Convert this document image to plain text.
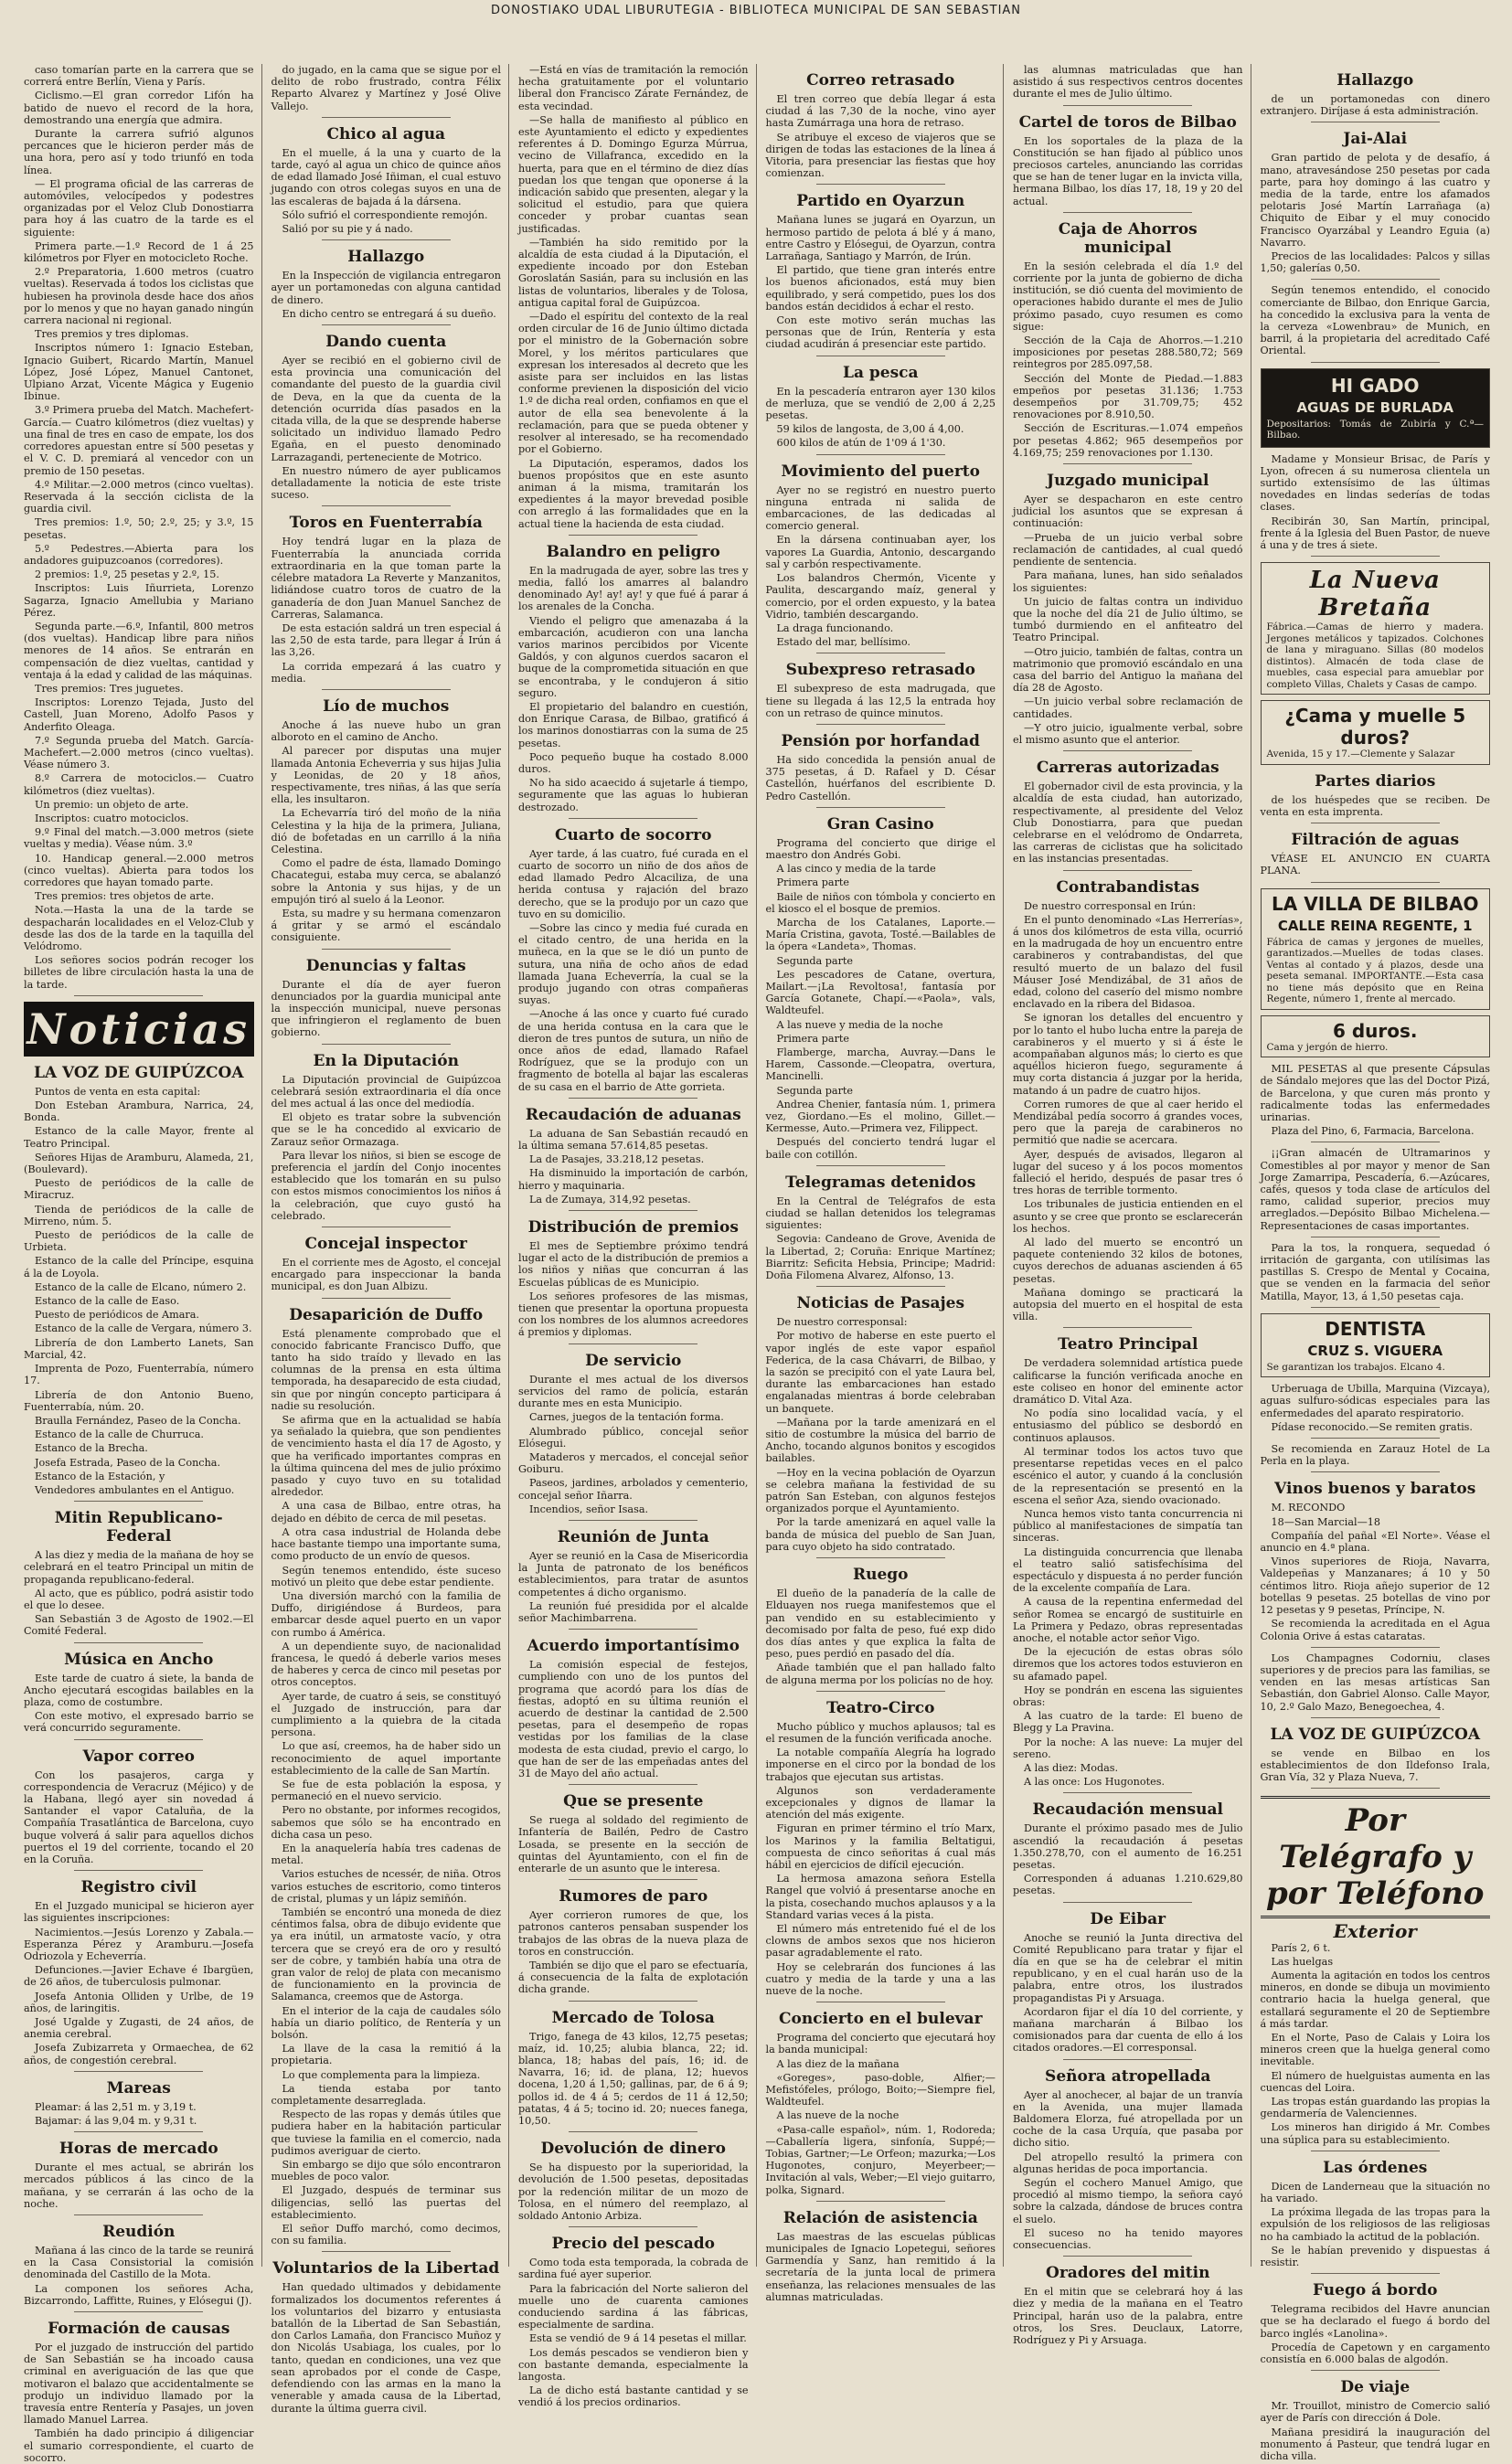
DONOSTIAKO UDAL LIBURUTEGIA - BIBLIOTECA MUNICIPAL DE SAN SEBASTIAN

caso tomarían parte en la carrera que se correrá entre Berlín, Viena y París.

Ciclismo.—El gran corredor Lifón ha batido de nuevo el record de la hora, demostrando una energía que admira.

Durante la carrera sufrió algunos percances que le hicieron perder más de una hora, pero así y todo triunfó en toda línea.

— El programa oficial de las carreras de automóviles, velocípedos y podestres organizadas por el Veloz Club Donostiarra para hoy á las cuatro de la tarde es el siguiente:

Primera parte.—1.º Record de 1 á 25 kilómetros por Flyer en motocicleto Roche.

2.º Preparatoria, 1.600 metros (cuatro vueltas). Reservada á todos los ciclistas que hubiesen ha provinola desde hace dos años por lo menos y que no hayan ganado ningún carrera nacional ni regional.

Tres premios y tres diplomas.

Inscriptos número 1: Ignacio Esteban, Ignacio Guibert, Ricardo Martín, Manuel López, José López, Manuel Cantonet, Ulpiano Arzat, Vicente Mágica y Eugenio Ibinue.

3.º Primera prueba del Match. Machefert-García.— Cuatro kilómetros (diez vueltas) y una final de tres en caso de empate, los dos corredores apuestan entre sí 500 pesetas y el V. C. D. premiará al vencedor con un premio de 150 pesetas.

4.º Militar.—2.000 metros (cinco vueltas). Reservada á la sección ciclista de la guardia civil.

Tres premios: 1.º, 50; 2.º, 25; y 3.º, 15 pesetas.

5.º Pedestres.—Abierta para los andadores guipuzcoanos (corredores).

2 premios: 1.º, 25 pesetas y 2.º, 15.

Inscriptos: Luis Iñurrieta, Lorenzo Sagarza, Ignacio Amellubia y Mariano Pérez.

Segunda parte.—6.º, Infantil, 800 metros (dos vueltas). Handicap libre para niños menores de 14 años. Se entrarán en compensación de diez vueltas, cantidad y ventaja á la edad y calidad de las máquinas.

Tres premios: Tres juguetes.

Inscriptos: Lorenzo Tejada, Justo del Castell, Juan Moreno, Adolfo Pasos y Anderfito Oleaga.

7.º Segunda prueba del Match. García-Machefert.—2.000 metros (cinco vueltas). Véase número 3.

8.º Carrera de motociclos.— Cuatro kilómetros (diez vueltas).

Un premio: un objeto de arte.

Inscriptos: cuatro motociclos.

9.º Final del match.—3.000 metros (siete vueltas y media). Véase núm. 3.º

10. Handicap general.—2.000 metros (cinco vueltas). Abierta para todos los corredores que hayan tomado parte.

Tres premios: tres objetos de arte.

Nota.—Hasta la una de la tarde se despacharán localidades en el Veloz-Club y desde las dos de la tarde en la taquilla del Velódromo.

Los señores socios podrán recoger los billetes de libre circulación hasta la una de la tarde.

Noticias
LA VOZ DE GUIPÚZCOA

Puntos de venta en esta capital:

Don Esteban Arambura, Narrica, 24, Bonda.

Estanco de la calle Mayor, frente al Teatro Principal.

Señores Hijas de Aramburu, Alameda, 21, (Boulevard).

Puesto de periódicos de la calle de Miracruz.

Tienda de periódicos de la calle de Mirreno, núm. 5.

Puesto de periódicos de la calle de Urbieta.

Estanco de la calle del Príncipe, esquina á la de Loyola.

Estanco de la calle de Elcano, número 2.

Estanco de la calle de Easo.

Puesto de periódicos de Amara.

Estanco de la calle de Vergara, número 3.

Librería de don Lamberto Lanets, San Marcial, 42.

Imprenta de Pozo, Fuenterrabía, número 17.

Librería de don Antonio Bueno, Fuenterrabía, núm. 20.

Braulla Fernández, Paseo de la Concha.

Estanco de la calle de Churruca.

Estanco de la Brecha.

Josefa Estrada, Paseo de la Concha.

Estanco de la Estación, y

Vendedores ambulantes en el Antiguo.

Mitin Republicano-Federal

A las diez y media de la mañana de hoy se celebrará en el teatro Principal un mitin de propaganda republicano-federal.

Al acto, que es público, podrá asistir todo el que lo desee.

San Sebastián 3 de Agosto de 1902.—El Comité Federal.

Música en Ancho

Este tarde de cuatro á siete, la banda de Ancho ejecutará escogidas bailables en la plaza, como de costumbre.

Con este motivo, el expresado barrio se verá concurrido seguramente.

Vapor correo

Con los pasajeros, carga y correspondencia de Veracruz (Méjico) y de la Habana, llegó ayer sin novedad á Santander el vapor Cataluña, de la Compañía Trasatlántica de Barcelona, cuyo buque volverá á salir para aquellos dichos puertos el 19 del corriente, tocando el 20 en la Coruña.

Registro civil

En el Juzgado municipal se hicieron ayer las siguientes inscripciones:

Nacimientos.—Jesús Lorenzo y Zabala.—Esperanza Pérez y Aramburu.—Josefa Odriozola y Echeverría.

Defunciones.—Javier Echave é Ibargüen, de 26 años, de tuberculosis pulmonar.

Josefa Antonia Olliden y Urlbe, de 19 años, de laringitis.

José Ugalde y Zugasti, de 24 años, de anemia cerebral.

Josefa Zubizarreta y Ormaechea, de 62 años, de congestión cerebral.

Mareas

Pleamar: á las 2,51 m. y 3,19 t.

Bajamar: á las 9,04 m. y 9,31 t.

Horas de mercado

Durante el mes actual, se abrirán los mercados públicos á las cinco de la mañana, y se cerrarán á las ocho de la noche.

Reudión

Mañana á las cinco de la tarde se reunirá en la Casa Consistorial la comisión denominada del Castillo de la Mota.

La componen los señores Acha, Bizcarrondo, Laffitte, Ruines, y Elósegui (J).

Formación de causas

Por el juzgado de instrucción del partido de San Sebastián se ha incoado causa criminal en averiguación de las que que motivaron el balazo que accidentalmente se produjo un individuo llamado por la travesía entre Rentería y Pasajes, un joven llamado Manuel Larrea.

También ha dado principio á diligenciar el sumario correspondiente, el cuarto de socorro.

do jugado, en la cama que se sigue por el delito de robo frustrado, contra Félix Reparto Alvarez y Martínez y José Olive Vallejo.

Chico al agua

En el muelle, á la una y cuarto de la tarde, cayó al agua un chico de quince años de edad llamado José Iñiman, el cual estuvo jugando con otros colegas suyos en una de las escaleras de bajada á la dársena.

Sólo sufrió el correspondiente remojón.

Salió por su pie y á nado.

Hallazgo

En la Inspección de vigilancia entregaron ayer un portamonedas con alguna cantidad de dinero.

En dicho centro se entregará á su dueño.

Dando cuenta

Ayer se recibió en el gobierno civil de esta provincia una comunicación del comandante del puesto de la guardia civil de Deva, en la que da cuenta de la detención ocurrida días pasados en la citada villa, de la que se desprende haberse solicitado un individuo llamado Pedro Egaña, en el puesto denominado Larrazagandi, perteneciente de Motrico.

En nuestro número de ayer publicamos detalladamente la noticia de este triste suceso.

Toros en Fuenterrabía

Hoy tendrá lugar en la plaza de Fuenterrabía la anunciada corrida extraordinaria en la que toman parte la célebre matadora La Reverte y Manzanitos, lidiándose cuatro toros de cuatro de la ganadería de don Juan Manuel Sanchez de Carreras, Salamanca.

De esta estación saldrá un tren especial á las 2,50 de esta tarde, para llegar á Irún á las 3,26.

La corrida empezará á las cuatro y media.

Lío de muchos

Anoche á las nueve hubo un gran alboroto en el camino de Ancho.

Al parecer por disputas una mujer llamada Antonia Echeverria y sus hijas Julia y Leonidas, de 20 y 18 años, respectivamente, tres niñas, á las que sería ella, les insultaron.

La Echevarría tiró del moño de la niña Celestina y la hija de la primera, Juliana, dió de bofetadas en un carrillo á la niña Celestina.

Como el padre de ésta, llamado Domingo Chacategui, estaba muy cerca, se abalanzó sobre la Antonia y sus hijas, y de un empujón tiró al suelo á la Leonor.

Esta, su madre y su hermana comenzaron á gritar y se armó el escándalo consiguiente.

Denuncias y faltas

Durante el día de ayer fueron denunciados por la guardia municipal ante la inspección municipal, nueve personas que infringieron el reglamento de buen gobierno.

En la Diputación

La Diputación provincial de Guipúzcoa celebrará sesión extraordinaria el día once del mes actual á las once del mediodía.

El objeto es tratar sobre la subvención que se le ha concedido al exvicario de Zarauz señor Ormazaga.

Para llevar los niños, si bien se escoge de preferencia el jardín del Conjo inocentes establecido que los tomarán en su pulso con estos mismos conocimientos los niños á la celebración, que cuyo gustó ha celebrado.

Concejal inspector

En el corriente mes de Agosto, el concejal encargado para inspeccionar la banda municipal, es don Juan Albizu.

Desaparición de Duffo

Está plenamente comprobado que el conocido fabricante Francisco Duffo, que tanto ha sido traído y llevado en las columnas de la prensa en esta última temporada, ha desaparecido de esta ciudad, sin que por ningún concepto participara á nadie su resolución.

Se afirma que en la actualidad se había ya señalado la quiebra, que son pendientes de vencimiento hasta el día 17 de Agosto, y que ha verificado importantes compras en la última quincena del mes de julio próximo pasado y cuyo tuvo en su totalidad alrededor.

A una casa de Bilbao, entre otras, ha dejado en débito de cerca de mil pesetas.

A otra casa industrial de Holanda debe hace bastante tiempo una importante suma, como producto de un envío de quesos.

Según tenemos entendido, éste suceso motivó un pleito que debe estar pendiente.

Una diversión marchó con la familia de Duffo, dirigiéndose á Burdeos, para embarcar desde aquel puerto en un vapor con rumbo á América.

A un dependiente suyo, de nacionalidad francesa, le quedó á deberle varios meses de haberes y cerca de cinco mil pesetas por otros conceptos.

Ayer tarde, de cuatro á seis, se constituyó el Juzgado de instrucción, para dar cumplimiento a la quiebra de la citada persona.

Lo que así, creemos, ha de haber sido un reconocimiento de aquel importante establecimiento de la calle de San Martín.

Se fue de esta población la esposa, y permaneció en el nuevo servicio.

Pero no obstante, por informes recogidos, sabemos que sólo se ha encontrado en dicha casa un peso.

En la anaquelería había tres cadenas de metal.

Varios estuches de ncessér, de niña. Otros varios estuches de escritorio, como tinteros de cristal, plumas y un lápiz semiñón.

También se encontró una moneda de diez céntimos falsa, obra de dibujo evidente que ya era inútil, un armatoste vacío, y otra tercera que se creyó era de oro y resultó ser de cobre, y también había una otra de gran valor de reloj de plata con mecanismo de funcionamiento en la provincia de Salamanca, creemos que de Astorga.

En el interior de la caja de caudales sólo había un diario político, de Rentería y un bolsón.

La llave de la casa la remitió á la propietaria.

Lo que complementa para la limpieza.

La tienda estaba por tanto completamente desarreglada.

Respecto de las ropas y demás útiles que pudiera haber en la habitación particular que tuviese la familia en el comercio, nada pudimos averiguar de cierto.

Sin embargo se dijo que sólo encontraron muebles de poco valor.

El Juzgado, después de terminar sus diligencias, selló las puertas del establecimiento.

El señor Duffo marchó, como decimos, con su familia.

Voluntarios de la Libertad

Han quedado ultimados y debidamente formalizados los documentos referentes á los voluntarios del bizarro y entusiasta batallón de la Libertad de San Sebastián, don Carlos Lamaña, don Francisco Muñoz y don Nicolás Usabiaga, los cuales, por lo tanto, quedan en condiciones, una vez que sean aprobados por el conde de Caspe, defendiendo con las armas en la mano la venerable y amada causa de la Libertad, durante la última guerra civil.

—Está en vías de tramitación la remoción hecha gratuitamente por el voluntario liberal don Francisco Zárate Fernández, de esta vecindad.

—Se halla de manifiesto al público en este Ayuntamiento el edicto y expedientes referentes á D. Domingo Egurza Múrrua, vecino de Villafranca, excedido en la huerta, para que en el término de diez días puedan los que tengan que oponerse á la indicación sabido que presenten, alegar y la solicitud el estudio, para que quiera conceder y probar cuantas sean justificadas.

—También ha sido remitido por la alcaldía de esta ciudad á la Diputación, el expediente incoado por don Esteban Goroslatán Sasián, para su inclusión en las listas de voluntarios, liberales y de Tolosa, antigua capital foral de Guipúzcoa.

—Dado el espíritu del contexto de la real orden circular de 16 de Junio último dictada por el ministro de la Gobernación sobre Morel, y los méritos particulares que expresan los interesados al decreto que les asiste para ser incluidos en las listas conforme previenen la disposición del vicio 1.º de dicha real orden, confiamos en que el autor de ella sea benevolente á la reclamación, para que se pueda obtener y resolver al interesado, se ha recomendado por el Gobierno.

La Diputación, esperamos, dados los buenos propósitos que en este asunto animan á la misma, tramitarán los expedientes á la mayor brevedad posible con arreglo á las formalidades que en la actual tiene la hacienda de esta ciudad.

Balandro en peligro

En la madrugada de ayer, sobre las tres y media, falló los amarres al balandro denominado Ay! ay! ay! y que fué á parar á los arenales de la Concha.

Viendo el peligro que amenazaba á la embarcación, acudieron con una lancha varios marinos percibidos por Vicente Galdós, y con algunos cuerdos sacaron el buque de la comprometida situación en que se encontraba, y le condujeron á sitio seguro.

El propietario del balandro en cuestión, don Enrique Carasa, de Bilbao, gratificó á los marinos donostiarras con la suma de 25 pesetas.

Poco pequeño buque ha costado 8.000 duros.

No ha sido acaecido á sujetarle á tiempo, seguramente que las aguas lo hubieran destrozado.

Cuarto de socorro

Ayer tarde, á las cuatro, fué curada en el cuarto de socorro un niño de dos años de edad llamado Pedro Alcaciliza, de una herida contusa y rajación del brazo derecho, que se la produjo por un cazo que tuvo en su domicilio.

—Sobre las cinco y media fué curada en el citado centro, de una herida en la muñeca, en la que se le dió un punto de sutura, una niña de ocho años de edad llamada Juana Echeverría, la cual se la produjo jugando con otras compañeras suyas.

—Anoche á las once y cuarto fué curado de una herida contusa en la cara que le dieron de tres puntos de sutura, un niño de once años de edad, llamado Rafael Rodríguez, que se la produjo con un fragmento de botella al bajar las escaleras de su casa en el barrio de Atte gorrieta.

Recaudación de aduanas

La aduana de San Sebastián recaudó en la última semana 57.614,85 pesetas.

La de Pasajes, 33.218,12 pesetas.

Ha disminuido la importación de carbón, hierro y maquinaria.

La de Zumaya, 314,92 pesetas.

Distribución de premios

El mes de Septiembre próximo tendrá lugar el acto de la distribución de premios a los niños y niñas que concurran á las Escuelas públicas de es Municipio.

Los señores profesores de las mismas, tienen que presentar la oportuna propuesta con los nombres de los alumnos acreedores á premios y diplomas.

De servicio

Durante el mes actual de los diversos servicios del ramo de policía, estarán durante mes en esta Municipio.

Carnes, juegos de la tentación forma.

Alumbrado público, concejal señor Elósegui.

Mataderos y mercados, el concejal señor Goiburu.

Paseos, jardines, arbolados y cementerio, concejal señor Iñarra.

Incendios, señor Isasa.

Reunión de Junta

Ayer se reunió en la Casa de Misericordia la Junta de patronato de los benéficos establecimientos, para tratar de asuntos competentes á dicho organismo.

La reunión fué presidida por el alcalde señor Machimbarrena.

Acuerdo importantísimo

La comisión especial de festejos, cumpliendo con uno de los puntos del programa que acordó para los días de fiestas, adoptó en su última reunión el acuerdo de destinar la cantidad de 2.500 pesetas, para el desempeño de ropas vestidas por los familias de la clase modesta de esta ciudad, previo el cargo, lo que han de ser de las empeñadas antes del 31 de Mayo del año actual.

Que se presente

Se ruega al soldado del regimiento de Infantería de Bailén, Pedro de Castro Losada, se presente en la sección de quintas del Ayuntamiento, con el fin de enterarle de un asunto que le interesa.

Rumores de paro

Ayer corrieron rumores de que, los patronos canteros pensaban suspender los trabajos de las obras de la nueva plaza de toros en construcción.

También se dijo que el paro se efectuaría, á consecuencia de la falta de explotación dicha grande.

Mercado de Tolosa

Trigo, fanega de 43 kilos, 12,75 pesetas; maíz, id. 10,25; alubia blanca, 22; id. blanca, 18; habas del país, 16; id. de Navarra, 16; id. de plana, 12; huevos docena, 1,20 á 1,50; gallinas, par, de 6 á 9; pollos id. de 4 á 5; cerdos de 11 á 12,50; patatas, 4 á 5; tocino id. 20; nueces fanega, 10,50.

Devolución de dinero

Se ha dispuesto por la superioridad, la devolución de 1.500 pesetas, depositadas por la redención militar de un mozo de Tolosa, en el número del reemplazo, al soldado Antonio Arbiza.

Precio del pescado

Como toda esta temporada, la cobrada de sardina fué ayer superior.

Para la fabricación del Norte salieron del muelle uno de cuarenta camiones conduciendo sardina á las fábricas, especialmente de sardina.

Esta se vendió de 9 á 14 pesetas el millar.

Los demás pescados se vendieron bien y con bastante demanda, especialmente la langosta.

La de dicho está bastante cantidad y se vendió á los precios ordinarios.

Correo retrasado

El tren correo que debía llegar á esta ciudad á las 7,30 de la noche, vino ayer hasta Zumárraga una hora de retraso.

Se atribuye el exceso de viajeros que se dirigen de todas las estaciones de la línea á Vitoria, para presenciar las fiestas que hoy comienzan.

Partido en Oyarzun

Mañana lunes se jugará en Oyarzun, un hermoso partido de pelota á blé y á mano, entre Castro y Elósegui, de Oyarzun, contra Larrañaga, Santiago y Marrón, de Irún.

El partido, que tiene gran interés entre los buenos aficionados, está muy bien equilibrado, y será competido, pues los dos bandos están decididos á echar el resto.

Con este motivo serán muchas las personas que de Irún, Rentería y esta ciudad acudirán á presenciar este partido.

La pesca

En la pescadería entraron ayer 130 kilos de merluza, que se vendió de 2,00 á 2,25 pesetas.

59 kilos de langosta, de 3,00 á 4,00.

600 kilos de atún de 1'09 á 1'30.

Movimiento del puerto

Ayer no se registró en nuestro puerto ninguna entrada ni salida de embarcaciones, de las dedicadas al comercio general.

En la dársena continuaban ayer, los vapores La Guardia, Antonio, descargando sal y carbón respectivamente.

Los balandros Chermón, Vicente y Paulita, descargando maíz, general y comercio, por el orden expuesto, y la batea Vidrio, también descargando.

La draga funcionando.

Estado del mar, bellísimo.

Subexpreso retrasado

El subexpreso de esta madrugada, que tiene su llegada á las 12,5 la entrada hoy con un retraso de quince minutos.

Pensión por horfandad

Ha sido concedida la pensión anual de 375 pesetas, á D. Rafael y D. César Castellón, huérfanos del escribiente D. Pedro Castellón.

Gran Casino

Programa del concierto que dirige el maestro don Andrés Gobi.

A las cinco y media de la tarde

Primera parte

Baile de niños con tómbola y concierto en el kiosco el el bosque de premios.

Marcha de los Catalanes, Laporte.—María Cristina, gavota, Tosté.—Bailables de la ópera «Landeta», Thomas.

Segunda parte

Les pescadores de Catane, overtura, Mailart.—¡La Revoltosa!, fantasía por García Gotanete, Chapí.—«Paola», vals, Waldteufel.

A las nueve y media de la noche

Primera parte

Flamberge, marcha, Auvray.—Dans le Harem, Cassonde.—Cleopatra, overtura, Mancinelli.

Segunda parte

Andrea Chenier, fantasía núm. 1, primera vez, Giordano.—Es el molino, Gillet.—Kermesse, Auto.—Primera vez, Filippect.

Después del concierto tendrá lugar el baile con cotillón.

Telegramas detenidos

En la Central de Telégrafos de esta ciudad se hallan detenidos los telegramas siguientes:

Segovia: Candeano de Grove, Avenida de la Libertad, 2; Coruña: Enrique Martínez; Biarritz: Seficita Hebsia, Principe; Madrid: Doña Filomena Alvarez, Alfonso, 13.

Noticias de Pasajes

De nuestro corresponsal:

Por motivo de haberse en este puerto el vapor inglés de este vapor español Federica, de la casa Chávarri, de Bilbao, y la sazón se precipitó con el yate Laura bel, durante las embarcaciones han estado engalanadas mientras á borde celebraban un banquete.

—Mañana por la tarde amenizará en el sitio de costumbre la música del barrio de Ancho, tocando algunos bonitos y escogidos bailables.

—Hoy en la vecina población de Oyarzun se celebra mañana la festividad de su patrón San Esteban, con algunos festejos organizados porque el Ayuntamiento.

Por la tarde amenizará en aquel valle la banda de música del pueblo de San Juan, para cuyo objeto ha sido contratado.

Ruego

El dueño de la panadería de la calle de Elduayen nos ruega manifestemos que el pan vendido en su establecimiento y decomisado por falta de peso, fué exp dido dos días antes y que explica la falta de peso, pues perdió en pasado del día.

Añade también que el pan hallado falto de alguna merma por los policías no de hoy.

Teatro-Circo

Mucho público y muchos aplausos; tal es el resumen de la función verificada anoche.

La notable compañía Alegría ha logrado imponerse en el circo por la bondad de los trabajos que ejecutan sus artistas.

Algunos son verdaderamente excepcionales y dignos de llamar la atención del más exigente.

Figuran en primer término el trío Marx, los Marinos y la familia Beltatigui, compuesta de cinco señoritas á cual más hábil en ejercicios de difícil ejecución.

La hermosa amazona señora Estella Rangel que volvió á presentarse anoche en la pista, cosechando muchos aplausos y a la Standard varias veces á la pista.

El número más entretenido fué el de los clowns de ambos sexos que nos hicieron pasar agradablemente el rato.

Hoy se celebrarán dos funciones á las cuatro y media de la tarde y una a las nueve de la noche.

Concierto en el bulevar

Programa del concierto que ejecutará hoy la banda municipal:

A las diez de la mañana

«Goreges», paso-doble, Alfier;—Mefistófeles, prólogo, Boito;—Siempre fiel, Waldteufel.

A las nueve de la noche

«Pasa-calle español», núm. 1, Rodoreda;—Caballería ligera, sinfonía, Suppé;—Tobias, Gartner;—Le Orfeon; mazurka;—Los Hugonotes, conjuro, Meyerbeer;—Invitación al vals, Weber;—El viejo guitarro, polka, Signard.

Relación de asistencia

Las maestras de las escuelas públicas municipales de Ignacio Lopetegui, señores Garmendía y Sanz, han remitido á la secretaría de la junta local de primera enseñanza, las relaciones mensuales de las alumnas matriculadas.

las alumnas matriculadas que han asistido á sus respectivos centros docentes durante el mes de Julio último.

Cartel de toros de Bilbao

En los soportales de la plaza de la Constitución se han fijado al público unos preciosos carteles, anunciando las corridas que se han de tener lugar en la invicta villa, hermana Bilbao, los días 17, 18, 19 y 20 del actual.

Caja de Ahorros municipal

En la sesión celebrada el día 1.º del corriente por la junta de gobierno de dicha institución, se dió cuenta del movimiento de operaciones habido durante el mes de Julio próximo pasado, cuyo resumen es como sigue:

Sección de la Caja de Ahorros.—1.210 imposiciones por pesetas 288.580,72; 569 reintegros por 285.097,58.

Sección del Monte de Piedad.—1.883 empeños por pesetas 31.136; 1.753 desempeños por 31.709,75; 452 renovaciones por 8.910,50.

Sección de Escrituras.—1.074 empeños por pesetas 4.862; 965 desempeños por 4.169,75; 259 renovaciones por 1.130.

Juzgado municipal

Ayer se despacharon en este centro judicial los asuntos que se expresan á continuación:

—Prueba de un juicio verbal sobre reclamación de cantidades, al cual quedó pendiente de sentencia.

Para mañana, lunes, han sido señalados los siguientes:

Un juicio de faltas contra un individuo que la noche del día 21 de Julio último, se tumbó durmiendo en el anfiteatro del Teatro Principal.

—Otro juicio, también de faltas, contra un matrimonio que promovió escándalo en una casa del barrio del Antiguo la mañana del día 28 de Agosto.

—Un juicio verbal sobre reclamación de cantidades.

—Y otro juicio, igualmente verbal, sobre el mismo asunto que el anterior.

Carreras autorizadas

El gobernador civil de esta provincia, y la alcaldía de esta ciudad, han autorizado, respectivamente, al presidente del Veloz Club Donostiarra, para que puedan celebrarse en el velódromo de Ondarreta, las carreras de ciclistas que ha solicitado en las instancias presentadas.

Contrabandistas

De nuestro corresponsal en Irún:

En el punto denominado «Las Herrerías», á unos dos kilómetros de esta villa, ocurrió en la madrugada de hoy un encuentro entre carabineros y contrabandistas, del que resultó muerto de un balazo del fusil Máuser José Mendizábal, de 31 años de edad, colono del caserío del mismo nombre enclavado en la ribera del Bidasoa.

Se ignoran los detalles del encuentro y por lo tanto el hubo lucha entre la pareja de carabineros y el muerto y si á éste le acompañaban algunos más; lo cierto es que aquéllos hicieron fuego, seguramente á muy corta distancia á juzgar por la herida, matando á un padre de cuatro hijos.

Corren rumores de que al caer herido el Mendizábal pedía socorro á grandes voces, pero que la pareja de carabineros no permitió que nadie se acercara.

Ayer, después de avisados, llegaron al lugar del suceso y á los pocos momentos falleció el herido, después de pasar tres ó tres horas de terrible tormento.

Los tribunales de justicia entienden en el asunto y se cree que pronto se esclarecerán los hechos.

Al lado del muerto se encontró un paquete conteniendo 32 kilos de botones, cuyos derechos de aduanas ascienden á 65 pesetas.

Mañana domingo se practicará la autopsia del muerto en el hospital de esta villa.

Teatro Principal

De verdadera solemnidad artística puede calificarse la función verificada anoche en este coliseo en honor del eminente actor dramático D. Vital Aza.

No podía sino localidad vacía, y el entusiasmo del público se desbordó en continuos aplausos.

Al terminar todos los actos tuvo que presentarse repetidas veces en el palco escénico el autor, y cuando á la conclusión de la representación se presentó en la escena el señor Aza, siendo ovacionado.

Nunca hemos visto tanta concurrencia ni público al manifestaciones de simpatía tan sinceras.

La distinguida concurrencia que llenaba el teatro salió satisfechísima del espectáculo y dispuesta á no perder función de la excelente compañía de Lara.

A causa de la repentina enfermedad del señor Romea se encargó de sustituirle en La Primera y Pedazo, obras representadas anoche, el notable actor señor Vigo.

De la ejecución de estas obras sólo diremos que los actores todos estuvieron en su afamado papel.

Hoy se pondrán en escena las siguientes obras:

A las cuatro de la tarde: El bueno de Blegg y La Pravina.

Por la noche: A las nueve: La mujer del sereno.

A las diez: Modas.

A las once: Los Hugonotes.

Recaudación mensual

Durante el próximo pasado mes de Julio ascendió la recaudación á pesetas 1.350.278,70, con el aumento de 16.251 pesetas.

Corresponden á aduanas 1.210.629,80 pesetas.

De Eibar

Anoche se reunió la Junta directiva del Comité Republicano para tratar y fijar el día en que se ha de celebrar el mitin republicano, y en el cual harán uso de la palabra, entre otros, los ilustrados propagandistas Pi y Arsuaga.

Acordaron fijar el día 10 del corriente, y mañana marcharán á Bilbao los comisionados para dar cuenta de ello á los citados oradores.—El corresponsal.

Señora atropellada

Ayer al anochecer, al bajar de un tranvía en la Avenida, una mujer llamada Baldomera Elorza, fué atropellada por un coche de la casa Urquía, que pasaba por dicho sitio.

Del atropello resultó la primera con algunas heridas de poca importancia.

Según el cochero Manuel Amigo, que procedió al mismo tiempo, la señora cayó sobre la calzada, dándose de bruces contra el suelo.

El suceso no ha tenido mayores consecuencias.

Oradores del mitin

En el mitin que se celebrará hoy á las diez y media de la mañana en el Teatro Principal, harán uso de la palabra, entre otros, los Sres. Deuclaux, Latorre, Rodríguez y Pi y Arsuaga.

Hallazgo

de un portamonedas con dinero extranjero. Diríjase á esta administración.

Jai-Alai

Gran partido de pelota y de desafío, á mano, atravesándose 250 pesetas por cada parte, para hoy domingo á las cuatro y media de la tarde, entre los afamados pelotaris José Martín Larrañaga (a) Chiquito de Eibar y el muy conocido Francisco Oyarzábal y Leandro Eguia (a) Navarro.

Precios de las localidades: Palcos y sillas 1,50; galerías 0,50.

Según tenemos entendido, el conocido comerciante de Bilbao, don Enrique Garcia, ha concedido la exclusiva para la venta de la cerveza «Lowenbrau» de Munich, en barril, á la propietaria del acreditado Café Oriental.

HI GADO
AGUAS DE BURLADA
Depositarios: Tomás de Zubiría y C.ª—Bilbao.

Madame y Monsieur Brisac, de París y Lyon, ofrecen á su numerosa clientela un surtido extensísimo de las últimas novedades en lindas sederías de todas clases.

Recibirán 30, San Martín, principal, frente á la Iglesia del Buen Pastor, de nueve á una y de tres á siete.

La Nueva Bretaña
Fábrica.—Camas de hierro y madera. Jergones metálicos y tapizados. Colchones de lana y miraguano. Sillas (80 modelos distintos). Almacén de toda clase de muebles, casa especial para amueblar por completo Villas, Chalets y Casas de campo.
¿Cama y muelle 5 duros?
Avenida, 15 y 17.—Clemente y Salazar
Partes diarios

de los huéspedes que se reciben. De venta en esta imprenta.

Filtración de aguas

VÉASE EL ANUNCIO EN CUARTA PLANA.

LA VILLA DE BILBAO
CALLE REINA REGENTE, 1
Fábrica de camas y jergones de muelles, garantizados.—Muelles de todas clases. Ventas al contado y á plazos, desde una peseta semanal. IMPORTANTE.—Esta casa no tiene más depósito que en Reina Regente, número 1, frente al mercado.
6 duros.
Cama y jergón de hierro.

MIL PESETAS al que presente Cápsulas de Sándalo mejores que las del Doctor Pizá, de Barcelona, y que curen más pronto y radicalmente todas las enfermedades urinarias.

Plaza del Pino, 6, Farmacia, Barcelona.

¡¡Gran almacén de Ultramarinos y Comestibles al por mayor y menor de San Jorge Zamarripa, Pescadería, 6.—Azúcares, cafés, quesos y toda clase de artículos del ramo, calidad superior, precios muy arreglados.—Depósito Bilbao Michelena.—Representaciones de casas importantes.

Para la tos, la ronquera, sequedad ó irritación de garganta, con utilísimas las pastillas S. Crespo de Mental y Cocaina, que se venden en la farmacia del señor Matilla, Mayor, 13, á 1,50 pesetas caja.

DENTISTA
CRUZ S. VIGUERA
Se garantizan los trabajos. Elcano 4.

Urberuaga de Ubilla, Marquina (Vizcaya), aguas sulfuro-sódicas especiales para las enfermedades del aparato respiratorio.

Pídase reconocido.—Se remiten gratis.

Se recomienda en Zarauz Hotel de La Perla en la playa.

Vinos buenos y baratos

M. RECONDO

18—San Marcial—18

Compañía del pañal «El Norte». Véase el anuncio en 4.ª plana.

Vinos superiores de Rioja, Navarra, Valdepeñas y Manzanares; á 10 y 50 céntimos litro. Rioja añejo superior de 12 botellas 9 pesetas. 25 botellas de vino por 12 pesetas y 9 pesetas, Príncipe, N.

Se recomienda la acreditada en el Agua Colonia Orive á estas cataratas.

Los Champagnes Codorniu, clases superiores y de precios para las familias, se venden en las mesas artísticas San Sebastián, don Gabriel Alonso. Calle Mayor, 10, 2.º Galo Mazo, Benegoechea, 4.

LA VOZ DE GUIPÚZCOA

se vende en Bilbao en los establecimientos de don Ildefonso Irala, Gran Vía, 32 y Plaza Nueva, 7.

Por Telégrafo y por Teléfono
Exterior

París 2, 6 t.

Las huelgas

Aumenta la agitación en todos los centros mineros, en donde se dibuja un movimiento contrario hacia la huelga general, que estallará seguramente el 20 de Septiembre á más tardar.

En el Norte, Paso de Calais y Loira los mineros creen que la huelga general como inevitable.

El número de huelguistas aumenta en las cuencas del Loira.

Las tropas están guardando las propias la gendarmería de Valenciennes.

Los mineros han dirigido á Mr. Combes una súplica para su establecimiento.

Las órdenes

Dicen de Landerneau que la situación no ha variado.

La próxima llegada de las tropas para la expulsión de los religiosos de las religiosas no ha cambiado la actitud de la población.

Se le habían prevenido y dispuestas á resistir.

Fuego á bordo

Telegrama recibidos del Havre anuncian que se ha declarado el fuego á bordo del barco inglés «Lanolina».

Procedía de Capetown y en cargamento consistía en 6.000 balas de algodón.

De viaje

Mr. Trouillot, ministro de Comercio salió ayer de París con dirección á Dole.

Mañana presidirá la inauguración del monumento á Pasteur, que tendrá lugar en dicha villa.
